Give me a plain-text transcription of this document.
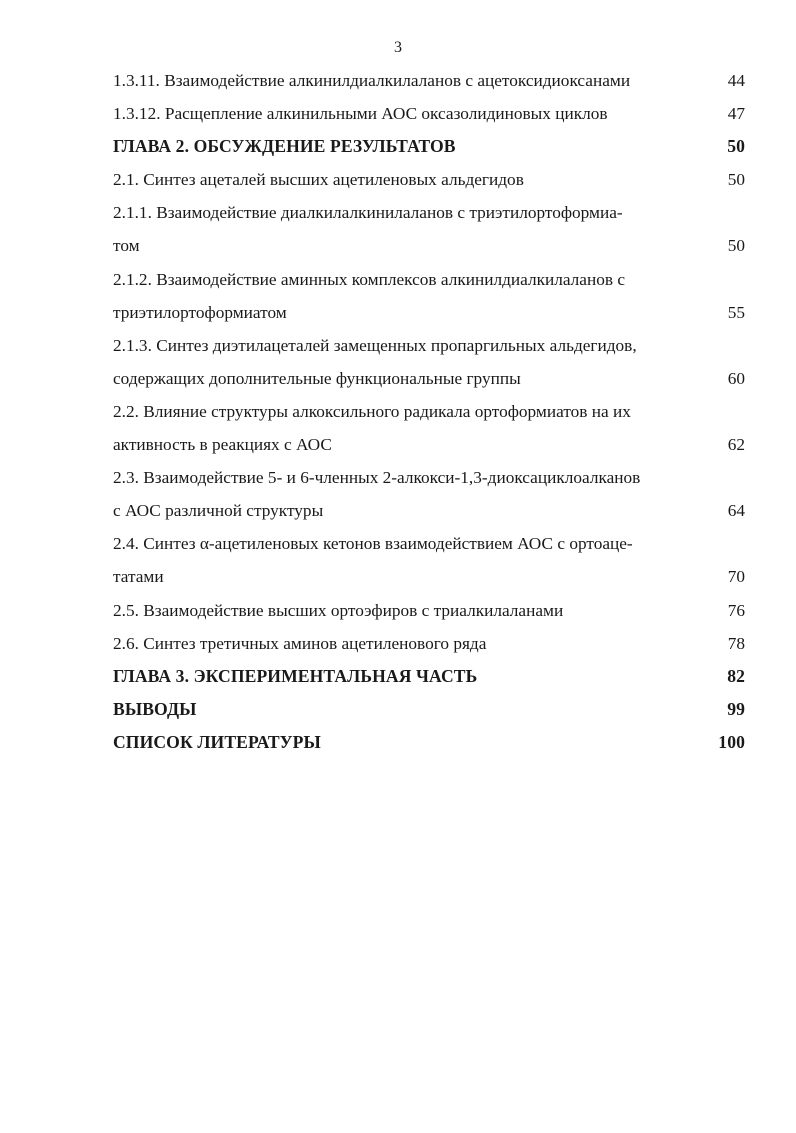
3
1.3.11. Взаимодействие алкинилдиалкилаланов с ацетоксидиоксанами	44
1.3.12. Расщепление алкинильными АОС оксазолидиновых циклов	47
ГЛАВА 2. ОБСУЖДЕНИЕ РЕЗУЛЬТАТОВ	50
2.1. Синтез ацеталей высших ацетиленовых альдегидов	50
2.1.1. Взаимодействие диалкилалкинилаланов с триэтилортоформиа-
том	50
2.1.2. Взаимодействие аминных комплексов алкинилдиалкилаланов с
триэтилортоформиатом	55
2.1.3. Синтез диэтилацеталей замещенных пропаргильных альдегидов,
содержащих дополнительные функциональные группы	60
2.2. Влияние структуры алкоксильного радикала ортоформиатов на их
активность в реакциях с АОС	62
2.3. Взаимодействие 5- и 6-членных 2-алкокси-1,3-диоксациклоалканов
с АОС различной структуры	64
2.4. Синтез α-ацетиленовых кетонов взаимодействием АОС с ортоаце-
татами	70
2.5. Взаимодействие высших ортоэфиров с триалкилаланами	76
2.6. Синтез третичных аминов ацетиленового ряда	78
ГЛАВА 3. ЭКСПЕРИМЕНТАЛЬНАЯ ЧАСТЬ	82
ВЫВОДЫ	99
СПИСОК ЛИТЕРАТУРЫ	100
